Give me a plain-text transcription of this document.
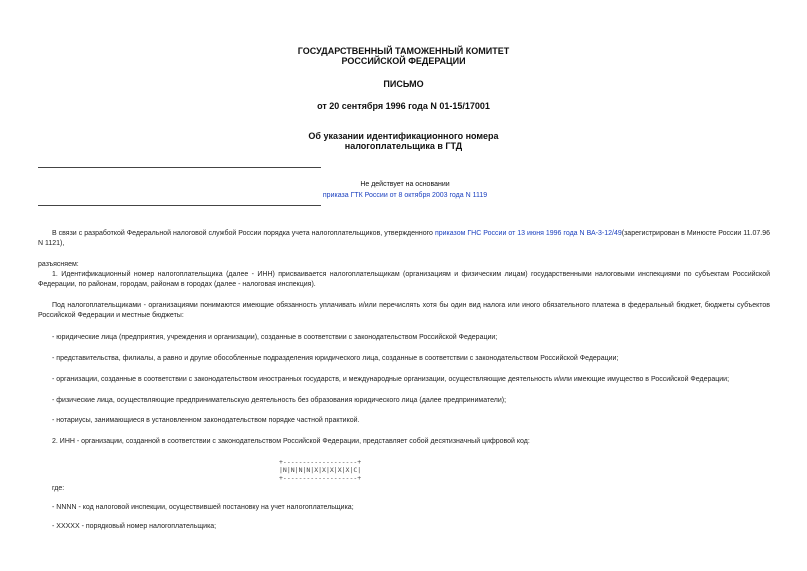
ГОСУДАРСТВЕННЫЙ ТАМОЖЕННЫЙ КОМИТЕТ
РОССИЙСКОЙ ФЕДЕРАЦИИ
ПИСЬМО
от 20 сентября 1996 года N 01-15/17001
Об указании идентификационного номера
налогоплательщика в ГТД
Не действует на основании
приказа ГТК России от 8 октября 2003 года N 1119
В связи с разработкой Федеральной налоговой службой России порядка учета налогоплательщиков, утвержденного приказом ГНС России от 13 июня 1996 года N ВА-3-12/49(зарегистрирован в Минюсте России 11.07.96 N 1121),
разъясняем:
1. Идентификационный номер налогоплательщика (далее - ИНН) присваивается налогоплательщикам (организациям и физическим лицам) государственными налоговыми инспекциями по субъектам Российской Федерации, по районам, городам, районам в городах (далее - налоговая инспекция).
Под налогоплательщиками - организациями понимаются имеющие обязанность уплачивать и/или перечислять хотя бы один вид налога или иного обязательного платежа в федеральный бюджет, бюджеты субъектов Российской Федерации и местные бюджеты:
- юридические лица (предприятия, учреждения и организации), созданные в соответствии с законодательством Российской Федерации;
- представительства, филиалы, а равно и другие обособленные подразделения юридического лица, созданные в соответствии с законодательством Российской Федерации;
- организации, созданные в соответствии с законодательством иностранных государств, и международные организации, осуществляющие деятельность и/или имеющие имущество в Российской Федерации;
- физические лица, осуществляющие предпринимательскую деятельность без образования юридического лица (далее предприниматели);
- нотариусы, занимающиеся в установленном законодательством порядке частной практикой.
2. ИНН - организации, созданной в соответствии с законодательством Российской Федерации, представляет собой десятизначный цифровой код:
+-------------------+
|N|N|N|N|X|X|X|X|X|C|
+-------------------+
где:
- NNNN - код налоговой инспекции, осуществившей постановку на учет налогоплательщика;
- XXXXX - порядковый номер налогоплательщика;
